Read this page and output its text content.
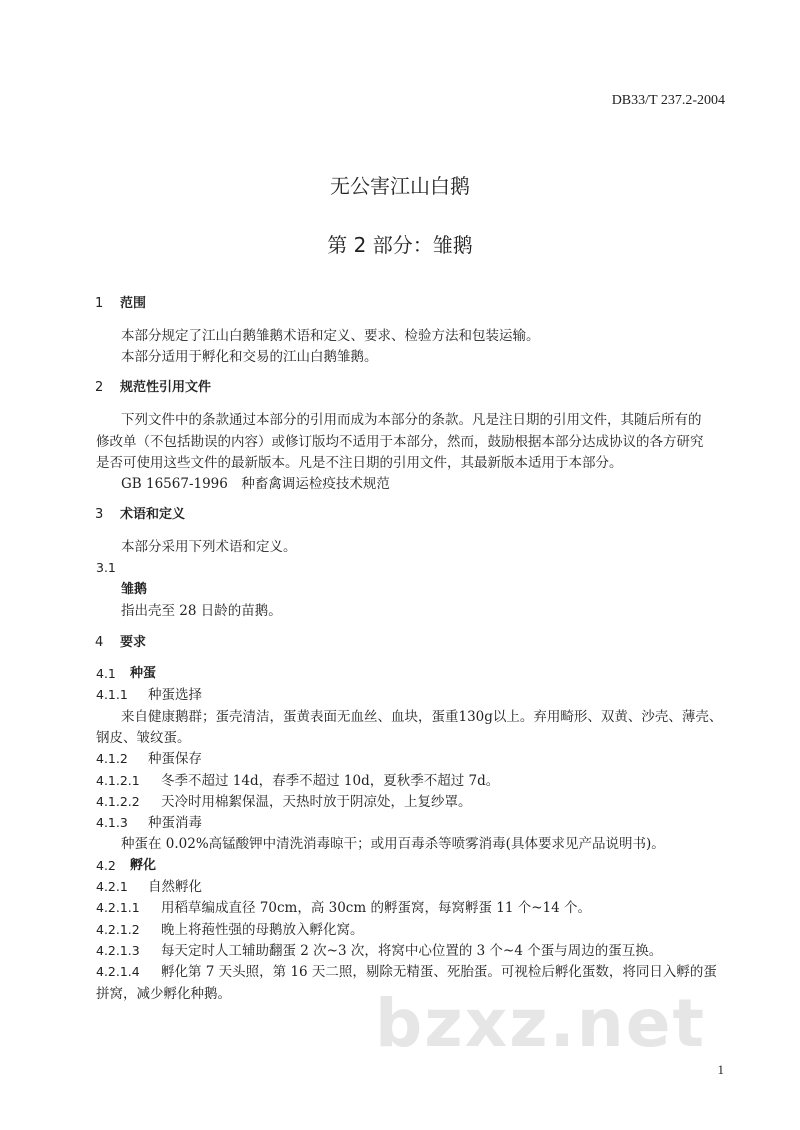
DB33/T 237.2-2004
无公害江山白鹅
第 2 部分：雏鹅
1 范围
本部分规定了江山白鹅雏鹅术语和定义、要求、检验方法和包装运输。
本部分适用于孵化和交易的江山白鹅雏鹅。
2 规范性引用文件
下列文件中的条款通过本部分的引用而成为本部分的条款。凡是注日期的引用文件，其随后所有的
修改单（不包括勘误的内容）或修订版均不适用于本部分，然而，鼓励根据本部分达成协议的各方研究
是否可使用这些文件的最新版本。凡是不注日期的引用文件，其最新版本适用于本部分。
GB 16567-1996　种畜禽调运检疫技术规范
3 术语和定义
本部分采用下列术语和定义。
3.1
雏鹅
指出壳至 28 日龄的苗鹅。
4 要求
4.1 种蛋
4.1.1 种蛋选择
来自健康鹅群；蛋壳清洁，蛋黄表面无血丝、血块，蛋重130g以上。弃用畸形、双黄、沙壳、薄壳、
钢皮、皱纹蛋。
4.1.2 种蛋保存
4.1.2.1 冬季不超过 14d，春季不超过 10d，夏秋季不超过 7d。
4.1.2.2 天冷时用棉絮保温，天热时放于阴凉处，上复纱罩。
4.1.3 种蛋消毒
种蛋在 0.02%高锰酸钾中清洗消毒晾干；或用百毒杀等喷雾消毒(具体要求见产品说明书)。
4.2 孵化
4.2.1 自然孵化
4.2.1.1 用稻草编成直径 70cm，高 30cm 的孵蛋窝，每窝孵蛋 11 个~14 个。
4.2.1.2 晚上将菢性强的母鹅放入孵化窝。
4.2.1.3 每天定时人工辅助翻蛋 2 次~3 次，将窝中心位置的 3 个~4 个蛋与周边的蛋互换。
4.2.1.4 孵化第 7 天头照，第 16 天二照，剔除无精蛋、死胎蛋。可视检后孵化蛋数，将同日入孵的蛋
拼窝，减少孵化种鹅。 bzxz.net
1
